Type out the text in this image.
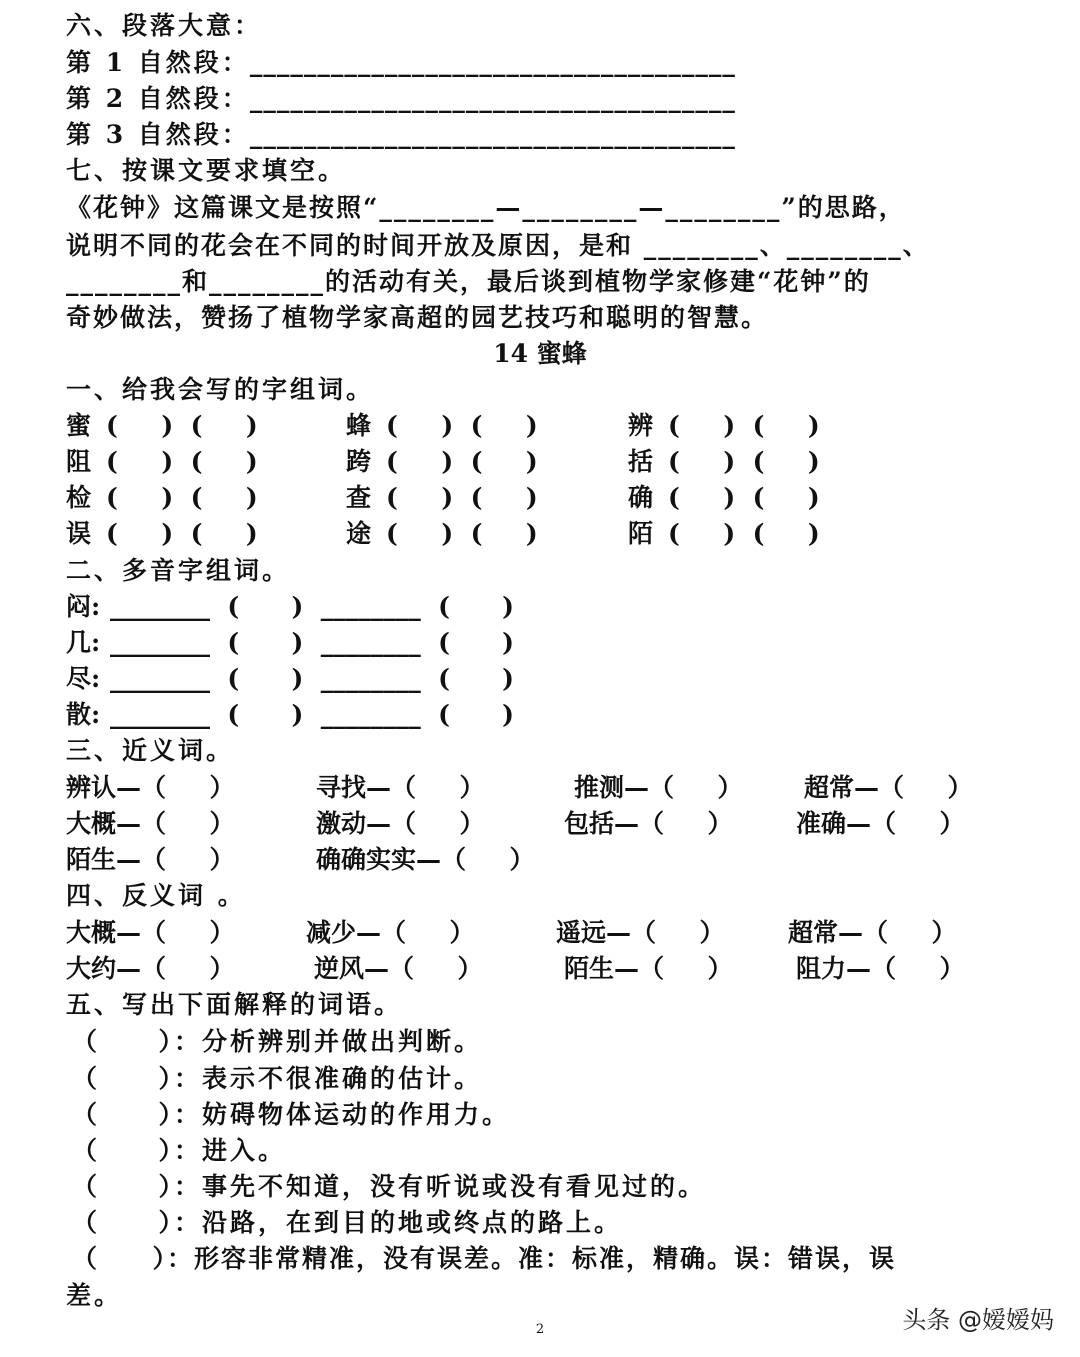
六、段落大意：
第 1 自然段：____________________________________
第 2 自然段：____________________________________
第 3 自然段：____________________________________
七、按课文要求填空。
《花钟》这篇课文是按照“________—________—________”的思路，
说明不同的花会在不同的时间开放及原因，是和 ________、________、
________和________的活动有关，最后谈到植物学家修建“花钟”的
奇妙做法，赞扬了植物学家高超的园艺技巧和聪明的智慧。
14 蜜蜂
一、给我会写的字组词。
蜜 (     )  (     )	蜂 (     )  (     )	辨 (     )  (     )
阻 (     )  (     )	跨 (     )  (     )	括 (     )  (     )
检 (     )  (     )	查 (     )  (     )	确 (     )  (     )
误 (     )  (     )	途 (     )  (     )	陌 (     )  (     )
二、多音字组词。
闷: ________  (      )  ________  (      )
几: ________  (      )  ________  (      )
尽: ________  (      )  ________  (      )
散: ________  (      )  ________  (      )
三、近义词。
辨认—（     ）	寻找—（     ）	推测—（     ） 超常—（     ）
大概—（     ）	激动—（     ）	包括—（     ）	准确—（     ）
陌生—（     ）	确确实实—（     ）
四、反义词 。
大概—（     ）	减少—（     ）	遥远—（     ）	超常—（     ）
大约—（     ）	逆风—（     ）	陌生—（     ）	阻力—（     ）
五、写出下面解释的词语。
（     ）：分析辨别并做出判断。
（     ）：表示不很准确的估计。
（     ）：妨碍物体运动的作用力。
（     ）：进入。
（     ）：事先不知道，没有听说或没有看见过的。
（     ）：沿路，在到目的地或终点的路上。
（     ）：形容非常精准，没有误差。准：标准，精确。误：错误，误
差。
2	头条 @嫒嫒妈
